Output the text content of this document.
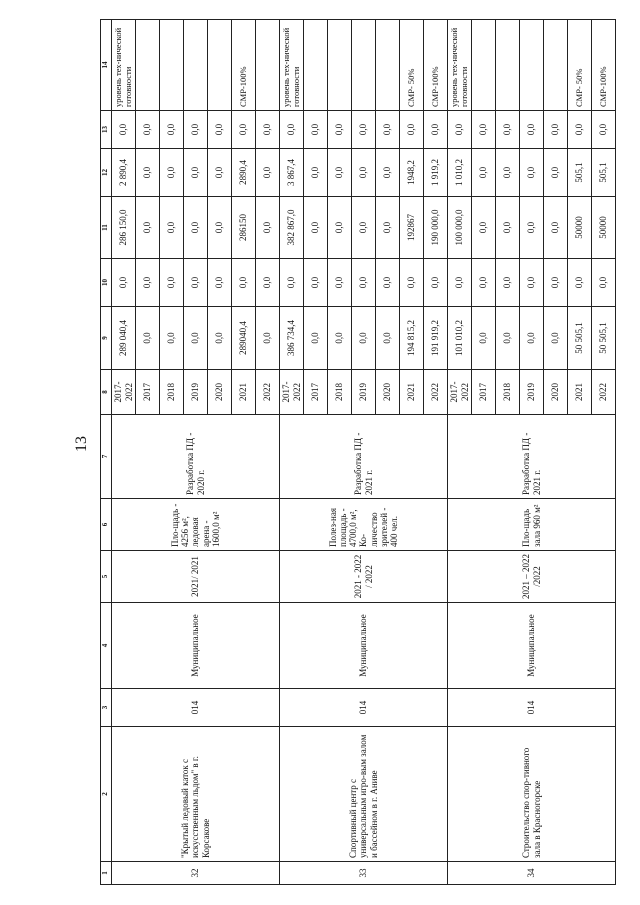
13
1	2	3	4	5	6	7	8	9	10	11	12	13	14
32	"Крытый ледовый каток с искусственным льдом" в г. Корсакове	014	Муниципальное	2021/ 2021	Пло-щадь - 4256 м², ледовая арена - 1600,0 м²	Разработка ПД - 2020 г.	2017-2022	289 040,4	0,0	286 150,0	2 890,4	0,0	уровень тех-нической готовности
							2017	0,0	0,0	0,0	0,0	0,0	
							2018	0,0	0,0	0,0	0,0	0,0	
							2019	0,0	0,0	0,0	0,0	0,0	
							2020	0,0	0,0	0,0	0,0	0,0	
							2021	289040,4	0,0	286150	2890,4	0,0	СМР-100%
							2022	0,0	0,0	0,0	0,0	0,0	
33	Спортивный центр с универсальным игро-вым залом и бассейном в г. Аниве	014	Муниципальное	2021 - 2022 / 2022	Полез-ная площадь - 4700,0 м², Ко-личество зрителей - 400 чел.	Разработка ПД - 2021 г.	2017-2022	386 734,4	0,0	382 867,0	3 867,4	0,0	уровень тех-нической готовности
							2017	0,0	0,0	0,0	0,0	0,0	
							2018	0,0	0,0	0,0	0,0	0,0	
							2019	0,0	0,0	0,0	0,0	0,0	
							2020	0,0	0,0	0,0	0,0	0,0	
							2021	194 815,2	0,0	192867	1948,2	0,0	СМР- 50%
							2022	191 919,2	0,0	190 000,0	1 919,2	0,0	СМР-100%
34	Строительство спор-тивного зала в Красногорске	014	Муниципальное	2021 – 2022 /2022	Пло-щадь зала 960 м²	Разработка ПД - 2021 г.	2017-2022	101 010,2	0,0	100 000,0	1 010,2	0,0	уровень тех-нической готовности
							2017	0,0	0,0	0,0	0,0	0,0	
							2018	0,0	0,0	0,0	0,0	0,0	
							2019	0,0	0,0	0,0	0,0	0,0	
							2020	0,0	0,0	0,0	0,0	0,0	
							2021	50 505,1	0,0	50000	505,1	0,0	СМР- 50%
							2022	50 505,1	0,0	50000	505,1	0,0	СМР-100%
